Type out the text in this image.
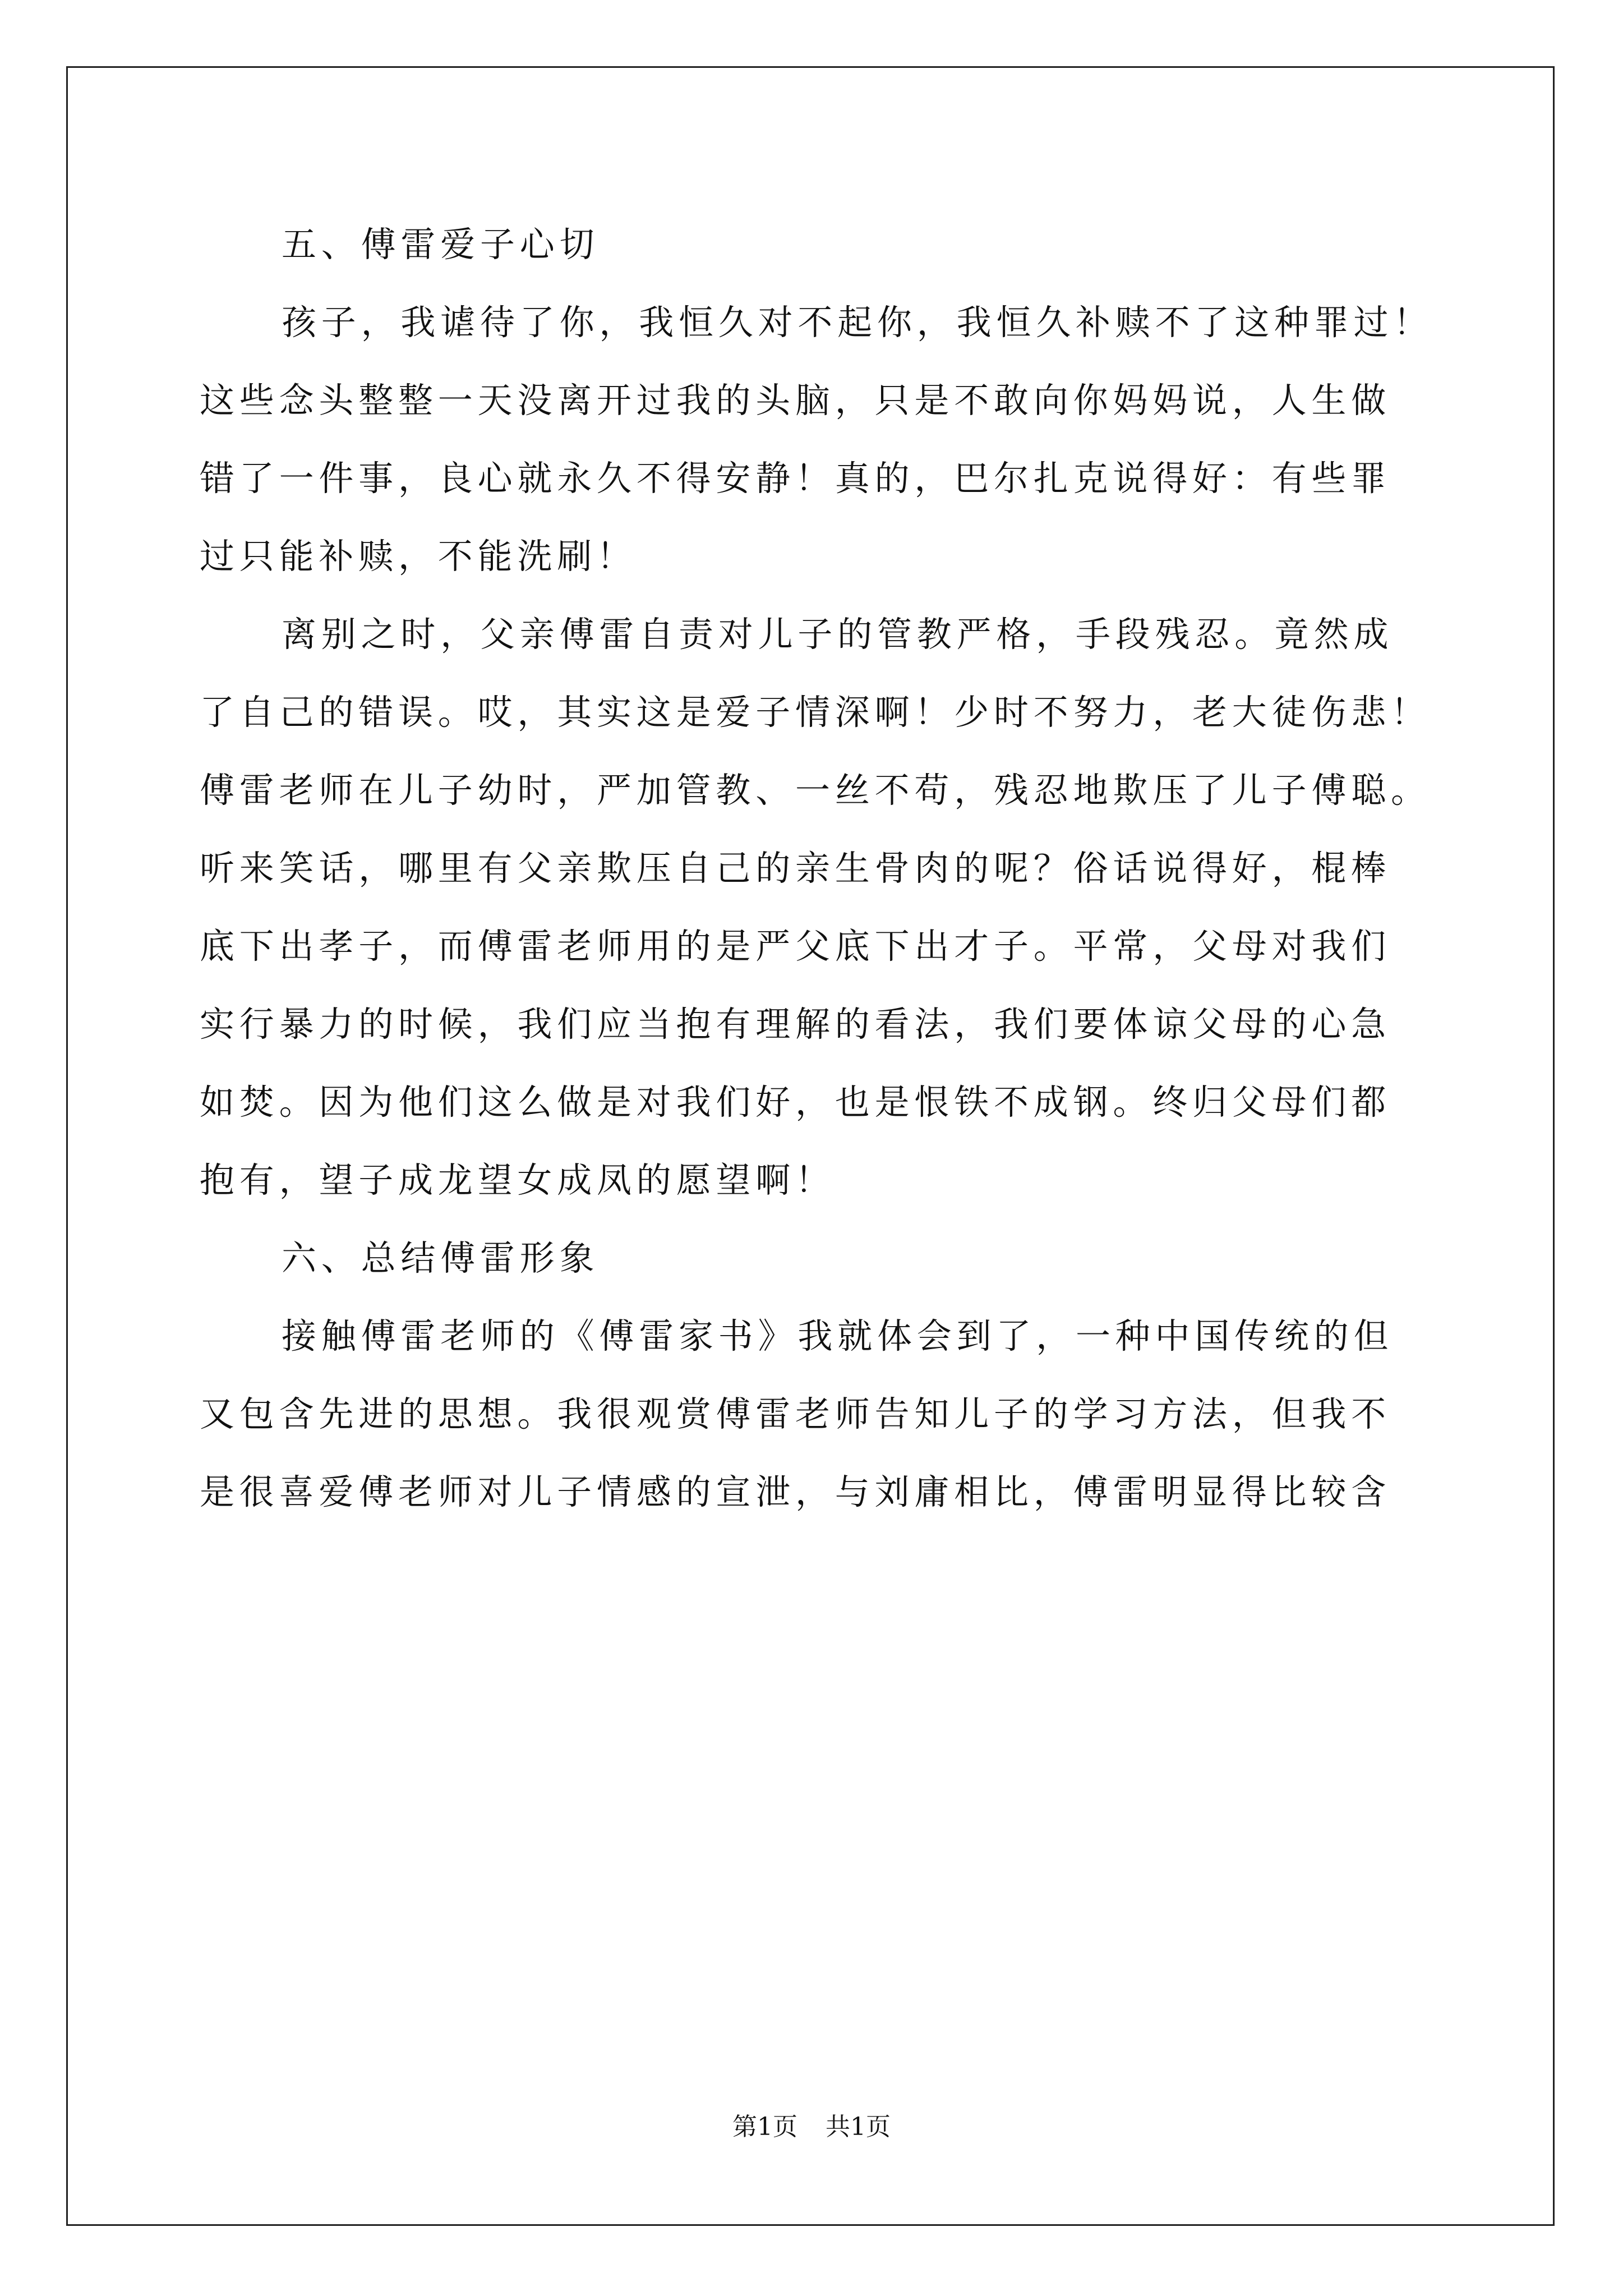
五、傅雷爱子心切
孩子，我谑待了你，我恒久对不起你，我恒久补赎不了这种罪过！
这些念头整整一天没离开过我的头脑，只是不敢向你妈妈说，人生做
错了一件事，良心就永久不得安静！真的，巴尔扎克说得好：有些罪
过只能补赎，不能洗刷！
离别之时，父亲傅雷自责对儿子的管教严格，手段残忍。竟然成
了自己的错误。哎，其实这是爱子情深啊！少时不努力，老大徒伤悲！
傅雷老师在儿子幼时，严加管教、一丝不苟，残忍地欺压了儿子傅聪。
听来笑话，哪里有父亲欺压自己的亲生骨肉的呢？俗话说得好，棍棒
底下出孝子，而傅雷老师用的是严父底下出才子。平常，父母对我们
实行暴力的时候，我们应当抱有理解的看法，我们要体谅父母的心急
如焚。因为他们这么做是对我们好，也是恨铁不成钢。终归父母们都
抱有，望子成龙望女成凤的愿望啊！
六、总结傅雷形象
接触傅雷老师的《傅雷家书》我就体会到了，一种中国传统的但
又包含先进的思想。我很观赏傅雷老师告知儿子的学习方法，但我不
是很喜爱傅老师对儿子情感的宣泄，与刘庸相比，傅雷明显得比较含
第1页 共1页
